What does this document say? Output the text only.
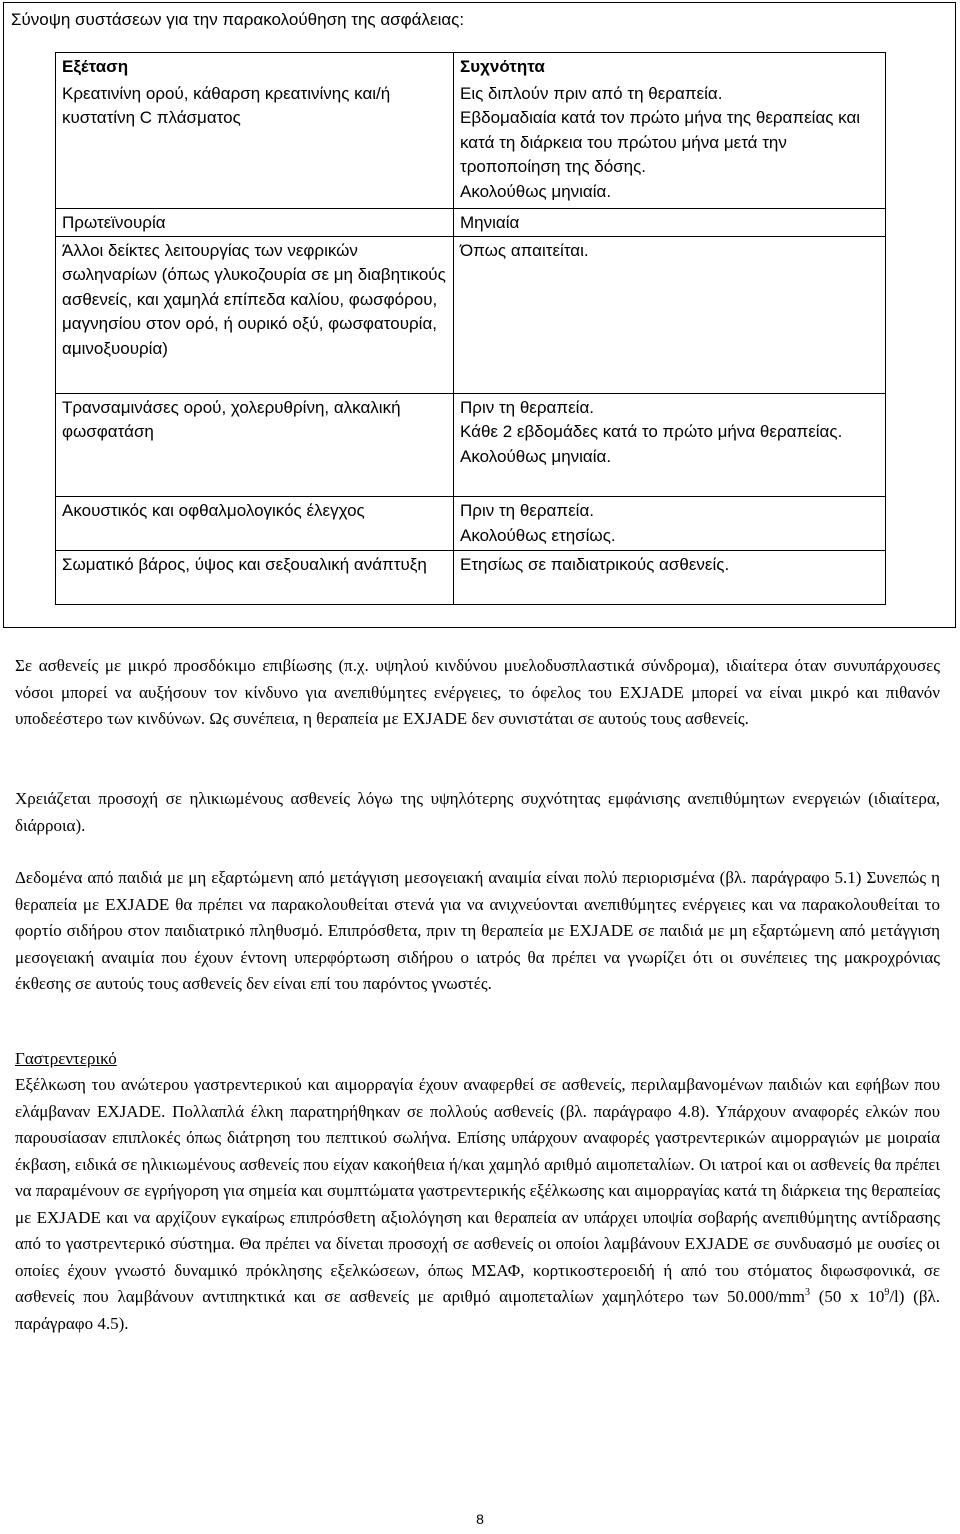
Σύνοψη συστάσεων για την παρακολούθηση της ασφάλειας:
Εξέταση	Συχνότητα

Κρεατινίνη ορού, κάθαρση κρεατινίνης και/ή κυστατίνη C πλάσματος	Εις διπλούν πριν από τη θεραπεία.
Εβδομαδιαία κατά τον πρώτο μήνα της θεραπείας και κατά τη διάρκεια του πρώτου μήνα μετά την τροποποίηση της δόσης.
Ακολούθως μηνιαία.

Πρωτεϊνουρία	Μηνιαία

Άλλοι δείκτες λειτουργίας των νεφρικών σωληναρίων (όπως γλυκοζουρία σε μη διαβητικούς ασθενείς, και χαμηλά επίπεδα καλίου, φωσφόρου, μαγνησίου στον ορό, ή ουρικό οξύ, φωσφατουρία, αμινοξυουρία)	Όπως απαιτείται.

Τρανσαμινάσες ορού, χολερυθρίνη, αλκαλική φωσφατάση	Πριν τη θεραπεία.
Κάθε 2 εβδομάδες κατά το πρώτο μήνα θεραπείας.
Ακολούθως μηνιαία.

Ακουστικός και οφθαλμολογικός έλεγχος	Πριν τη θεραπεία.
Ακολούθως ετησίως.

Σωματικό βάρος, ύψος και σεξουαλική ανάπτυξη	Ετησίως σε παιδιατρικούς ασθενείς.
Σε ασθενείς με μικρό προσδόκιμο επιβίωσης (π.χ. υψηλού κινδύνου μυελοδυσπλαστικά σύνδρομα), ιδιαίτερα όταν συνυπάρχουσες νόσοι μπορεί να αυξήσουν τον κίνδυνο για ανεπιθύμητες ενέργειες, το όφελος του EXJADE μπορεί να είναι μικρό και πιθανόν υποδεέστερο των κινδύνων. Ως συνέπεια, η θεραπεία με EXJADE δεν συνιστάται σε αυτούς τους ασθενείς.
Χρειάζεται προσοχή σε ηλικιωμένους ασθενείς λόγω της υψηλότερης συχνότητας εμφάνισης ανεπιθύμητων ενεργειών (ιδιαίτερα, διάρροια).
Δεδομένα από παιδιά με μη εξαρτώμενη από μετάγγιση μεσογειακή αναιμία είναι πολύ περιορισμένα (βλ. παράγραφο 5.1) Συνεπώς η θεραπεία με EXJADE θα πρέπει να παρακολουθείται στενά για να ανιχνεύονται ανεπιθύμητες ενέργειες και να παρακολουθείται το φορτίο σιδήρου στον παιδιατρικό πληθυσμό. Επιπρόσθετα, πριν τη θεραπεία με EXJADE σε παιδιά με μη εξαρτώμενη από μετάγγιση μεσογειακή αναιμία που έχουν έντονη υπερφόρτωση σιδήρου ο ιατρός θα πρέπει να γνωρίζει ότι οι συνέπειες της μακροχρόνιας έκθεσης σε αυτούς τους ασθενείς δεν είναι επί του παρόντος γνωστές.
Γαστρεντερικό
Εξέλκωση του ανώτερου γαστρεντερικού και αιμορραγία έχουν αναφερθεί σε ασθενείς, περιλαμβανομένων παιδιών και εφήβων που ελάμβαναν EXJADE. Πολλαπλά έλκη παρατηρήθηκαν σε πολλούς ασθενείς (βλ. παράγραφο 4.8). Υπάρχουν αναφορές ελκών που παρουσίασαν επιπλοκές όπως διάτρηση του πεπτικού σωλήνα. Επίσης υπάρχουν αναφορές γαστρεντερικών αιμορραγιών με μοιραία έκβαση, ειδικά σε ηλικιωμένους ασθενείς που είχαν κακοήθεια ή/και χαμηλό αριθμό αιμοπεταλίων. Οι ιατροί και οι ασθενείς θα πρέπει να παραμένουν σε εγρήγορση για σημεία και συμπτώματα γαστρεντερικής εξέλκωσης και αιμορραγίας κατά τη διάρκεια της θεραπείας με EXJADE και να αρχίζουν εγκαίρως επιπρόσθετη αξιολόγηση και θεραπεία αν υπάρχει υποψία σοβαρής ανεπιθύμητης αντίδρασης από το γαστρεντερικό σύστημα. Θα πρέπει να δίνεται προσοχή σε ασθενείς οι οποίοι λαμβάνουν EXJADE σε συνδυασμό με ουσίες οι οποίες έχουν γνωστό δυναμικό πρόκλησης εξελκώσεων, όπως ΜΣΑΦ, κορτικοστεροειδή ή από του στόματος διφωσφονικά, σε ασθενείς που λαμβάνουν αντιπηκτικά και σε ασθενείς με αριθμό αιμοπεταλίων χαμηλότερο των $50.000/mm^3$ (50 x $10^9/l$) (βλ. παράγραφο 4.5).
8
